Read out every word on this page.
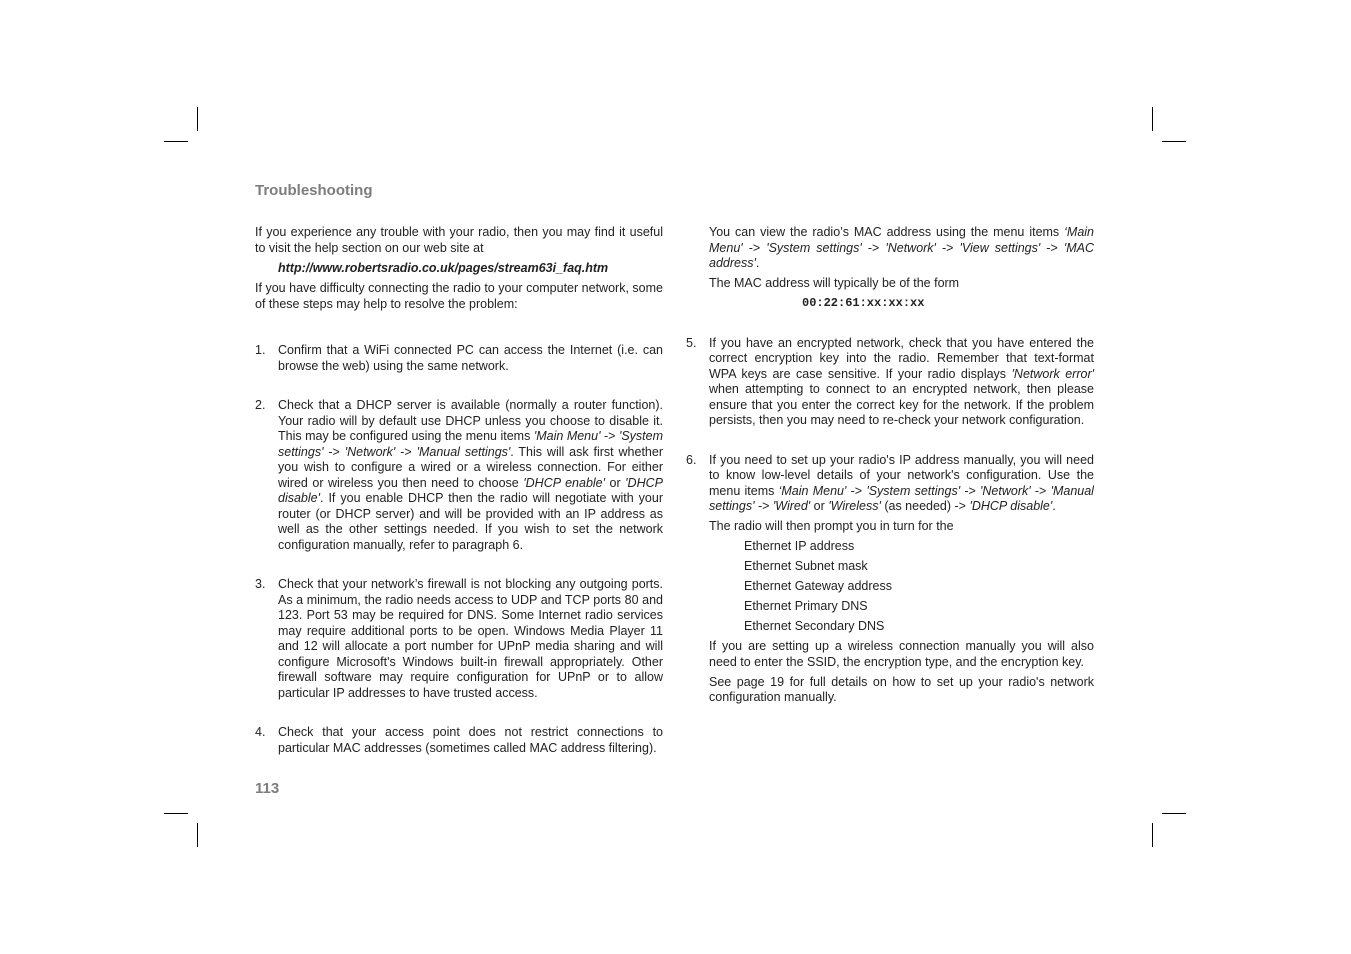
Troubleshooting

If you experience any trouble with your radio, then you may find it useful to visit the help section on our web site at

http://www.robertsradio.co.uk/pages/stream63i_faq.htm

If you have difficulty connecting the radio to your computer network, some of these steps may help to resolve the problem:

1. Confirm that a WiFi connected PC can access the Internet (i.e. can browse the web) using the same network.

2. Check that a DHCP server is available (normally a router function). Your radio will by default use DHCP unless you choose to disable it. This may be configured using the menu items 'Main Menu' -> 'System settings' -> 'Network' -> 'Manual settings'. This will ask first whether you wish to configure a wired or a wireless connection. For either wired or wireless you then need to choose 'DHCP enable' or 'DHCP disable'. If you enable DHCP then the radio will negotiate with your router (or DHCP server) and will be provided with an IP address as well as the other settings needed. If you wish to set the network configuration manually, refer to paragraph 6.

3. Check that your network’s firewall is not blocking any outgoing ports. As a minimum, the radio needs access to UDP and TCP ports 80 and 123. Port 53 may be required for DNS. Some Internet radio services may require additional ports to be open. Windows Media Player 11 and 12 will allocate a port number for UPnP media sharing and will configure Microsoft's Windows built-in firewall appropriately. Other firewall software may require configuration for UPnP or to allow particular IP addresses to have trusted access.

4. Check that your access point does not restrict connections to particular MAC addresses (sometimes called MAC address filtering).

You can view the radio’s MAC address using the menu items ‘Main Menu' -> 'System settings' -> 'Network' -> 'View settings' -> 'MAC address'.

The MAC address will typically be of the form

00:22:61:xx:xx:xx

5. If you have an encrypted network, check that you have entered the correct encryption key into the radio. Remember that text-format WPA keys are case sensitive. If your radio displays 'Network error' when attempting to connect to an encrypted network, then please ensure that you enter the correct key for the network. If the problem persists, then you may need to re-check your network configuration.

6. If you need to set up your radio's IP address manually, you will need to know low-level details of your network's configuration. Use the menu items ‘Main Menu' -> 'System settings' -> 'Network' -> 'Manual settings' -> 'Wired' or 'Wireless' (as needed) -> 'DHCP disable'.

The radio will then prompt you in turn for the

Ethernet IP address

Ethernet Subnet mask

Ethernet Gateway address

Ethernet Primary DNS

Ethernet Secondary DNS

If you are setting up a wireless connection manually you will also need to enter the SSID, the encryption type, and the encryption key.

See page 19 for full details on how to set up your radio's network configuration manually.

113
